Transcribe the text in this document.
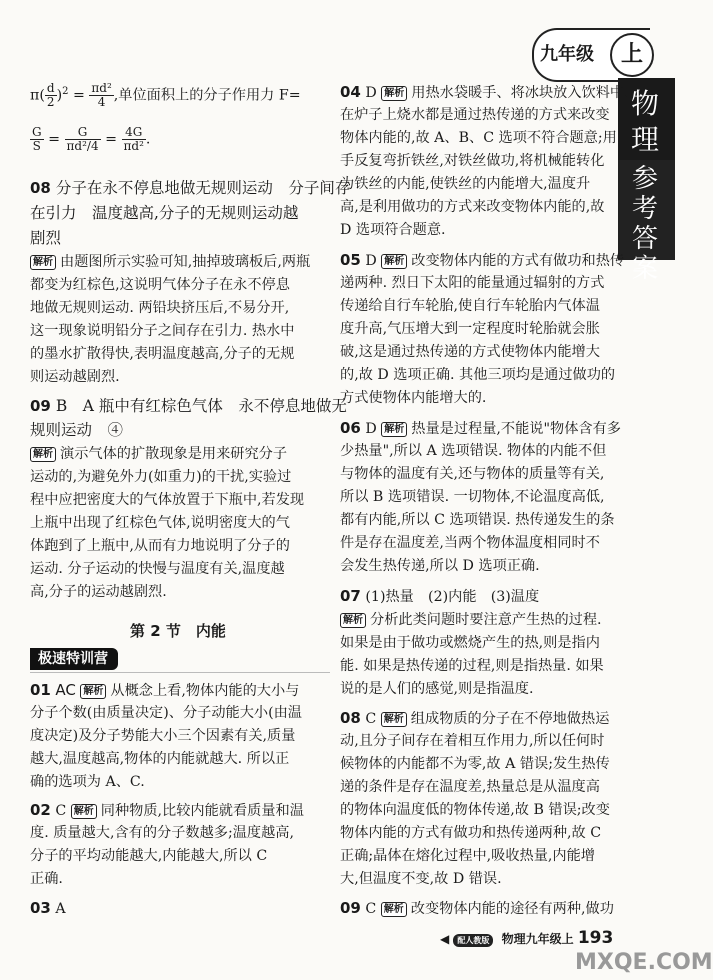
九年级	上
物理
参考答案
$\pi( \frac{d}{2} )^2 = \frac{\text{πd²}}{4}$ ,单位面积上的分子作用力 F=
$\frac{G}{S} = \frac{G}{\text{πd²/4}} = \frac{4G}{\text{πd²}}$ .
08 分子在永不停息地做无规则运动　分子间存
在引力　温度越高,分子的无规则运动越
剧烈
解析 由题图所示实验可知,抽掉玻璃板后,两瓶
都变为红棕色,这说明气体分子在永不停息
地做无规则运动. 两铅块挤压后,不易分开,
这一现象说明铅分子之间存在引力. 热水中
的墨水扩散得快,表明温度越高,分子的无规
则运动越剧烈.
09 B　A 瓶中有红棕色气体　永不停息地做无
规则运动　④
解析 演示气体的扩散现象是用来研究分子
运动的,为避免外力(如重力)的干扰,实验过
程中应把密度大的气体放置于下瓶中,若发现
上瓶中出现了红棕色气体,说明密度大的气
体跑到了上瓶中,从而有力地说明了分子的
运动. 分子运动的快慢与温度有关,温度越
高,分子的运动越剧烈.
第 2 节　内能
极速特训营
01 AC 解析 从概念上看,物体内能的大小与
分子个数(由质量决定)、分子动能大小(由温
度决定)及分子势能大小三个因素有关,质量
越大,温度越高,物体的内能就越大. 所以正
确的选项为 A、C.
02 C 解析 同种物质,比较内能就看质量和温
度. 质量越大,含有的分子数越多;温度越高,
分子的平均动能越大,内能越大,所以 C
正确.
03 A
04 D 解析 用热水袋暖手、将冰块放入饮料中、
在炉子上烧水都是通过热传递的方式来改变
物体内能的,故 A、B、C 选项不符合题意;用
手反复弯折铁丝,对铁丝做功,将机械能转化
为铁丝的内能,使铁丝的内能增大,温度升
高,是利用做功的方式来改变物体内能的,故
D 选项符合题意.
05 D 解析 改变物体内能的方式有做功和热传
递两种. 烈日下太阳的能量通过辐射的方式
传递给自行车轮胎,使自行车轮胎内气体温
度升高,气压增大到一定程度时轮胎就会胀
破,这是通过热传递的方式使物体内能增大
的,故 D 选项正确. 其他三项均是通过做功的
方式使物体内能增大的.
06 D 解析 热量是过程量,不能说"物体含有多
少热量",所以 A 选项错误. 物体的内能不但
与物体的温度有关,还与物体的质量等有关,
所以 B 选项错误. 一切物体,不论温度高低,
都有内能,所以 C 选项错误. 热传递发生的条
件是存在温度差,当两个物体温度相同时不
会发生热传递,所以 D 选项正确.
07 (1)热量　(2)内能　(3)温度
解析 分析此类问题时要注意产生热的过程.
如果是由于做功或燃烧产生的热,则是指内
能. 如果是热传递的过程,则是指热量. 如果
说的是人们的感觉,则是指温度.
08 C 解析 组成物质的分子在不停地做热运
动,且分子间存在着相互作用力,所以任何时
候物体的内能都不为零,故 A 错误;发生热传
递的条件是存在温度差,热量总是从温度高
的物体向温度低的物体传递,故 B 错误;改变
物体内能的方式有做功和热传递两种,故 C
正确;晶体在熔化过程中,吸收热量,内能增
大,但温度不变,故 D 错误.
09 C 解析 改变物体内能的途径有两种,做功
◀ 配人教版 物理九年级上 193
MXQE.COM
